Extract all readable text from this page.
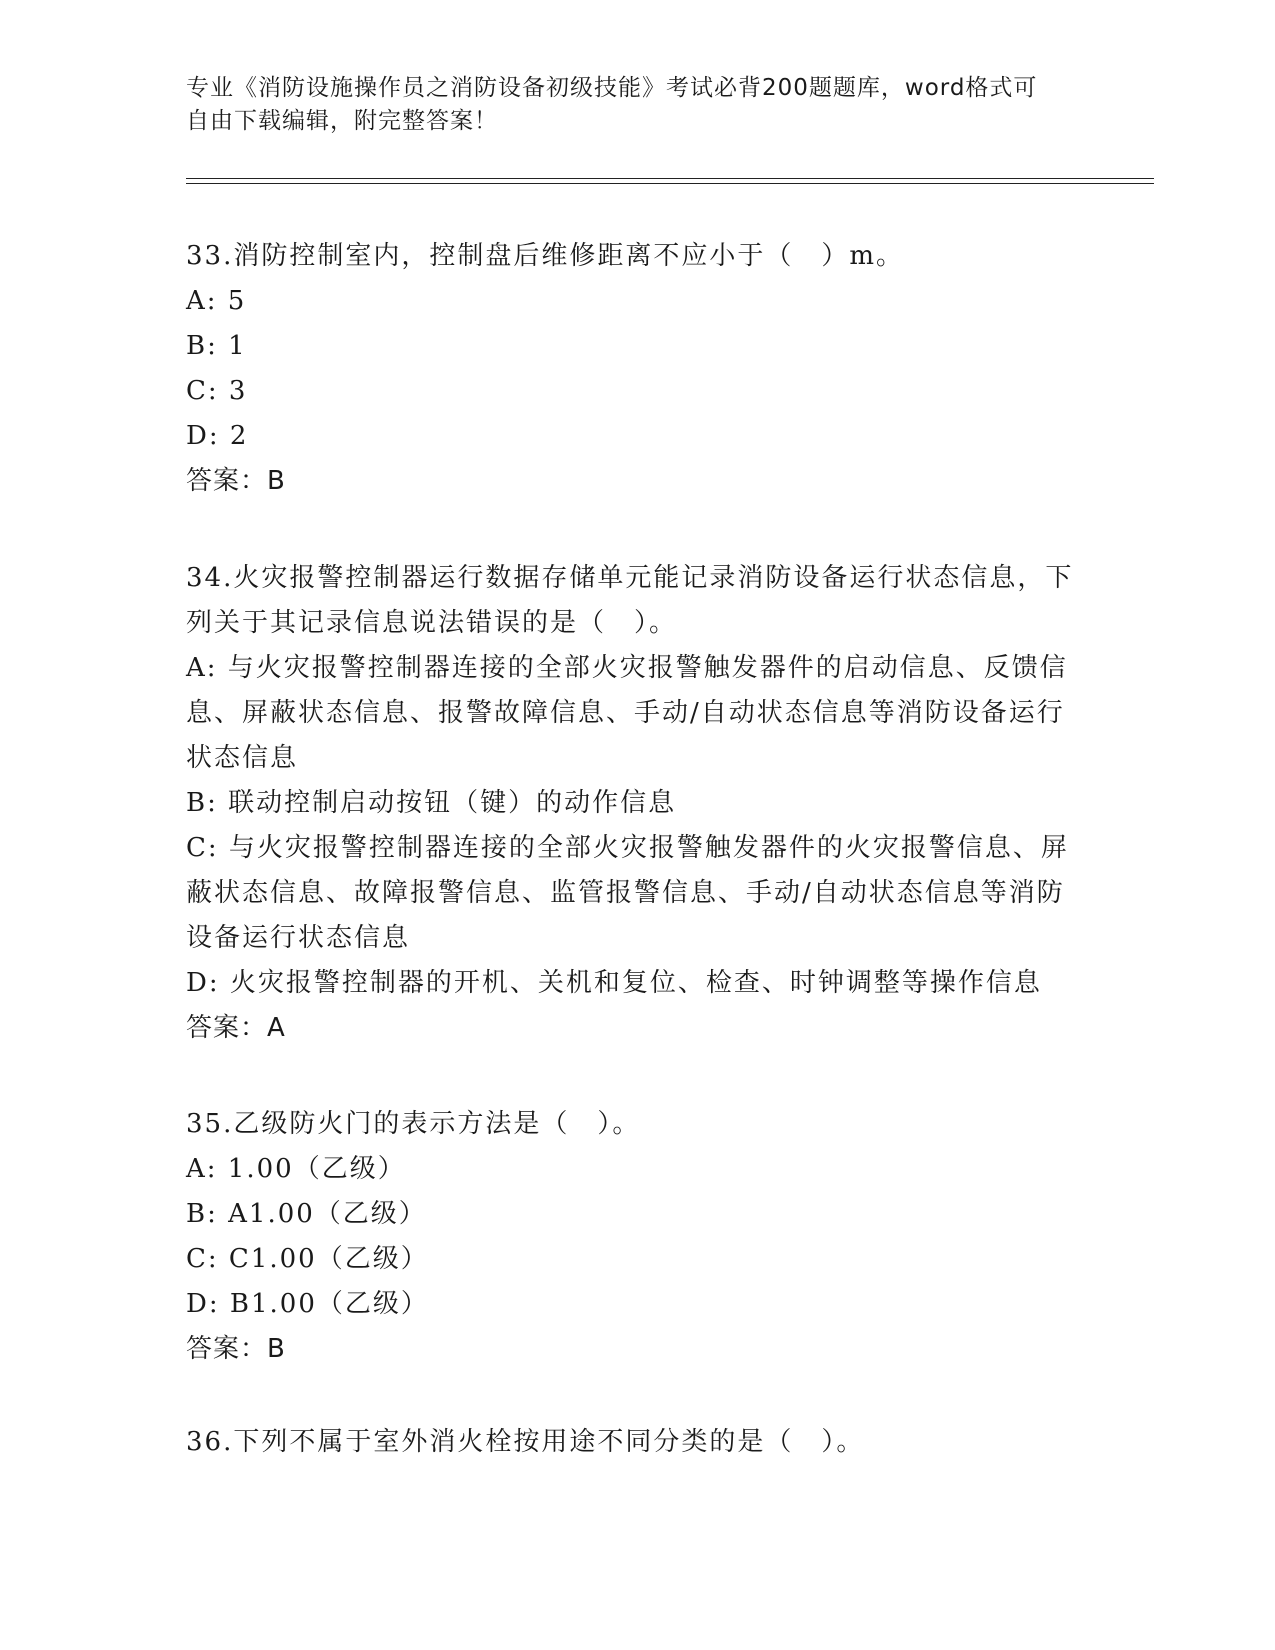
专业《消防设施操作员之消防设备初级技能》考试必背200题题库，word格式可
自由下载编辑，附完整答案！
33.消防控制室内，控制盘后维修距离不应小于（　）m。
A: 5
B: 1
C: 3
D: 2
答案：B
34.火灾报警控制器运行数据存储单元能记录消防设备运行状态信息，下列关于其记录信息说法错误的是（　）。
A: 与火灾报警控制器连接的全部火灾报警触发器件的启动信息、反馈信息、屏蔽状态信息、报警故障信息、手动/自动状态信息等消防设备运行状态信息
B: 联动控制启动按钮（键）的动作信息
C: 与火灾报警控制器连接的全部火灾报警触发器件的火灾报警信息、屏蔽状态信息、故障报警信息、监管报警信息、手动/自动状态信息等消防设备运行状态信息
D: 火灾报警控制器的开机、关机和复位、检查、时钟调整等操作信息
答案：A
35.乙级防火门的表示方法是（　）。
A: 1.00（乙级）
B: A1.00（乙级）
C: C1.00（乙级）
D: B1.00（乙级）
答案：B
36.下列不属于室外消火栓按用途不同分类的是（　）。
